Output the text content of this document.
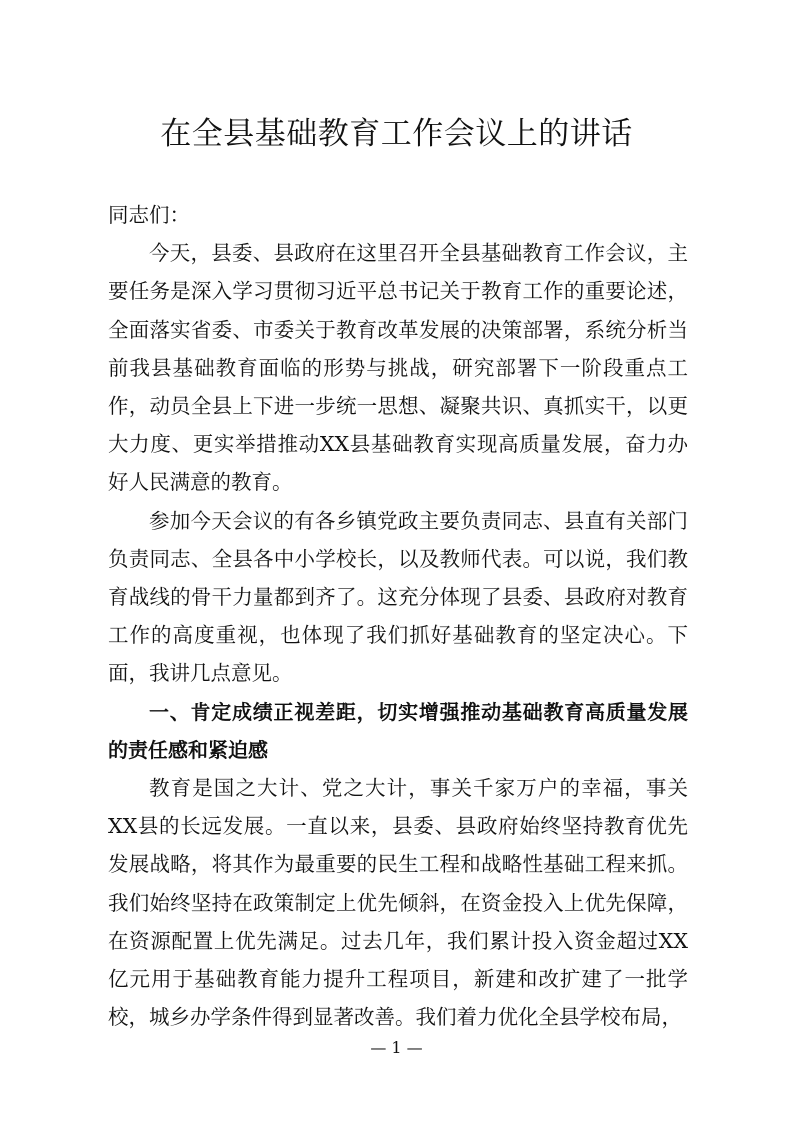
在全县基础教育工作会议上的讲话

同志们：

今天，县委、县政府在这里召开全县基础教育工作会议，主要任务是深入学习贯彻习近平总书记关于教育工作的重要论述，全面落实省委、市委关于教育改革发展的决策部署，系统分析当前我县基础教育面临的形势与挑战，研究部署下一阶段重点工作，动员全县上下进一步统一思想、凝聚共识、真抓实干，以更大力度、更实举措推动XX县基础教育实现高质量发展，奋力办好人民满意的教育。

参加今天会议的有各乡镇党政主要负责同志、县直有关部门负责同志、全县各中小学校长，以及教师代表。可以说，我们教育战线的骨干力量都到齐了。这充分体现了县委、县政府对教育工作的高度重视，也体现了我们抓好基础教育的坚定决心。下面，我讲几点意见。

一、肯定成绩正视差距，切实增强推动基础教育高质量发展的责任感和紧迫感

教育是国之大计、党之大计，事关千家万户的幸福，事关XX县的长远发展。一直以来，县委、县政府始终坚持教育优先发展战略，将其作为最重要的民生工程和战略性基础工程来抓。我们始终坚持在政策制定上优先倾斜，在资金投入上优先保障，在资源配置上优先满足。过去几年，我们累计投入资金超过XX亿元用于基础教育能力提升工程项目，新建和改扩建了一批学校，城乡办学条件得到显著改善。我们着力优化全县学校布局，

— 1 —
